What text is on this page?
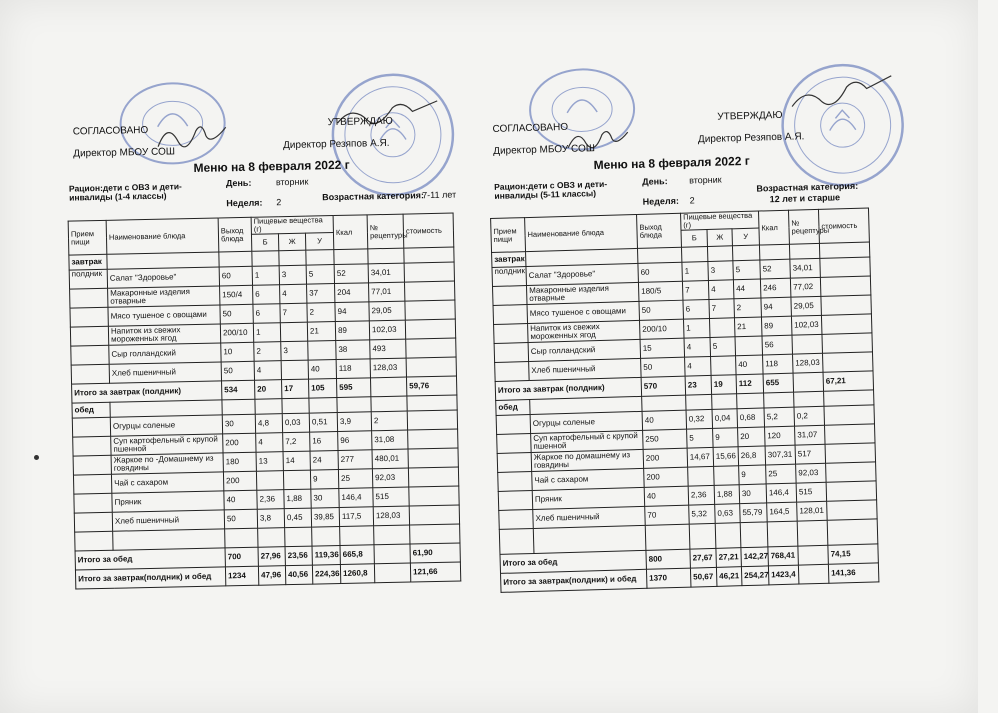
СОГЛАСОВАНО
Директор МБОУ СОШ
УТВЕРЖДАЮ
Директор Резяпов А.Я.
Меню на 8 февраля 2022 г
Рацион:дети с ОВЗ и дети-инвалиды (1-4 классы)
День:	вторник
Неделя: 2	Возрастная категория:
7-11 лет
Прием пищи	Наименование блюда	Выход блюда	Пищевые вещества (г)			Ккал	№ рецептуры	стоимость
			Б	Ж	У			
завтрак								
полдник	Салат "Здоровье"	60	1	3	5	52	34,01	
	Макаронные изделия отварные	150/4	6	4	37	204	77,01	
	Мясо тушеное с овощами	50	6	7	2	94	29,05	
	Напиток из свежих мороженных ягод	200/10	1		21	89	102,03	
	Сыр голландский	10	2	3		38	493	
	Хлеб пшеничный	50	4		40	118	128,03	
Итого за завтрак (полдник)		534	20	17	105	595		59,76
обед								
	Огурцы соленые	30	4,8	0,03	0,51	3,9	2	
	Суп картофельный с крупой пшенной	200	4	7,2	16	96	31,08	
	Жаркое по -Домашнему из говядины	180	13	14	24	277	480,01	
	Чай с сахаром	200			9	25	92,03	
	Пряник	40	2,36	1,88	30	146,4	515	
	Хлеб пшеничный	50	3,8	0,45	39,85	117,5	128,03	

Итого за обед		700	27,96	23,56	119,36	665,8		61,90
Итого за завтрак(полдник) и обед		1234	47,96	40,56	224,36	1260,8		121,66
СОГЛАСОВАНО
Директор МБОУ СОШ
УТВЕРЖДАЮ
Директор Резяпов А.Я.
Меню на 8 февраля 2022 г
Рацион:дети с ОВЗ и дети-инвалиды (5-11 классы)
День: вторник
Неделя: 2
Возрастная категория:
12 лет и старше
Прием пищи	Наименование блюда	Выход блюда	Пищевые вещества (г)			Ккал	№ рецептуры	стоимость
			Б	Ж	У			
завтрак								
полдник	Салат "Здоровье"	60	1	3	5	52	34,01	
	Макаронные изделия отварные	180/5	7	4	44	246	77,02	
	Мясо тушеное с овощами	50	6	7	2	94	29,05	
	Напиток из свежих мороженных ягод	200/10	1		21	89	102,03	
	Сыр голландский	15	4	5		56		
	Хлеб пшеничный	50	4		40	118	128,03	
Итого за завтрак (полдник)		570	23	19	112	655		67,21
обед								
	Огурцы соленые	40	0,32	0,04	0,68	5,2	0,2	
	Суп картофельный с крупой пшенной	250	5	9	20	120	31,07	
	Жаркое по домашнему из говядины	200	14,67	15,66	26,8	307,31	517	
	Чай с сахаром	200			9	25	92,03	
	Пряник	40	2,36	1,88	30	146,4	515	
	Хлеб пшеничный	70	5,32	0,63	55,79	164,5	128,01	

Итого за обед		800	27,67	27,21	142,27	768,41		74,15
Итого за завтрак(полдник) и обед		1370	50,67	46,21	254,27	1423,4		141,36
